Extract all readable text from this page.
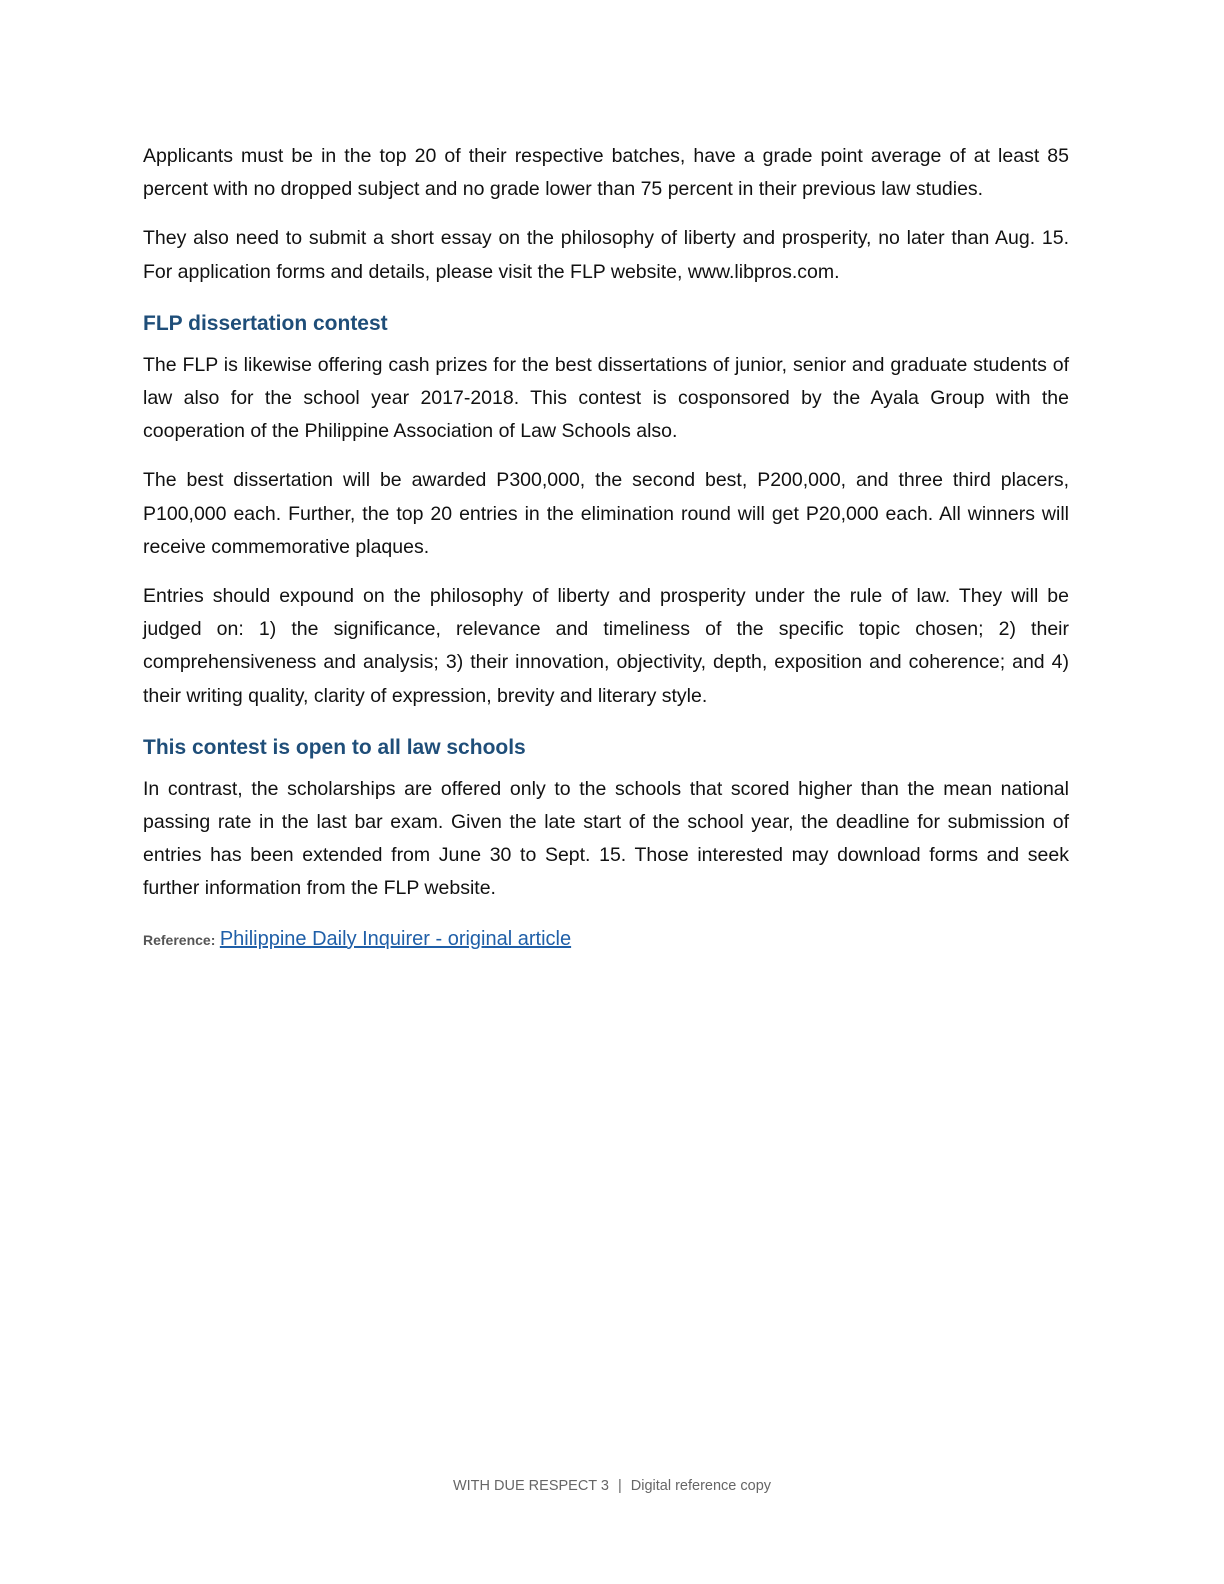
Applicants must be in the top 20 of their respective batches, have a grade point average of at least 85 percent with no dropped subject and no grade lower than 75 percent in their previous law studies.

They also need to submit a short essay on the philosophy of liberty and prosperity, no later than Aug. 15. For application forms and details, please visit the FLP website, www.libpros.com.

FLP dissertation contest

The FLP is likewise offering cash prizes for the best dissertations of junior, senior and graduate students of law also for the school year 2017-2018. This contest is cosponsored by the Ayala Group with the cooperation of the Philippine Association of Law Schools also.

The best dissertation will be awarded P300,000, the second best, P200,000, and three third placers, P100,000 each. Further, the top 20 entries in the elimination round will get P20,000 each. All winners will receive commemorative plaques.

Entries should expound on the philosophy of liberty and prosperity under the rule of law. They will be judged on: 1) the significance, relevance and timeliness of the specific topic chosen; 2) their comprehensiveness and analysis; 3) their innovation, objectivity, depth, exposition and coherence; and 4) their writing quality, clarity of expression, brevity and literary style.

This contest is open to all law schools

In contrast, the scholarships are offered only to the schools that scored higher than the mean national passing rate in the last bar exam. Given the late start of the school year, the deadline for submission of entries has been extended from June 30 to Sept. 15. Those interested may download forms and seek further information from the FLP website.

Reference: Philippine Daily Inquirer - original article
WITH DUE RESPECT 3 | Digital reference copy
